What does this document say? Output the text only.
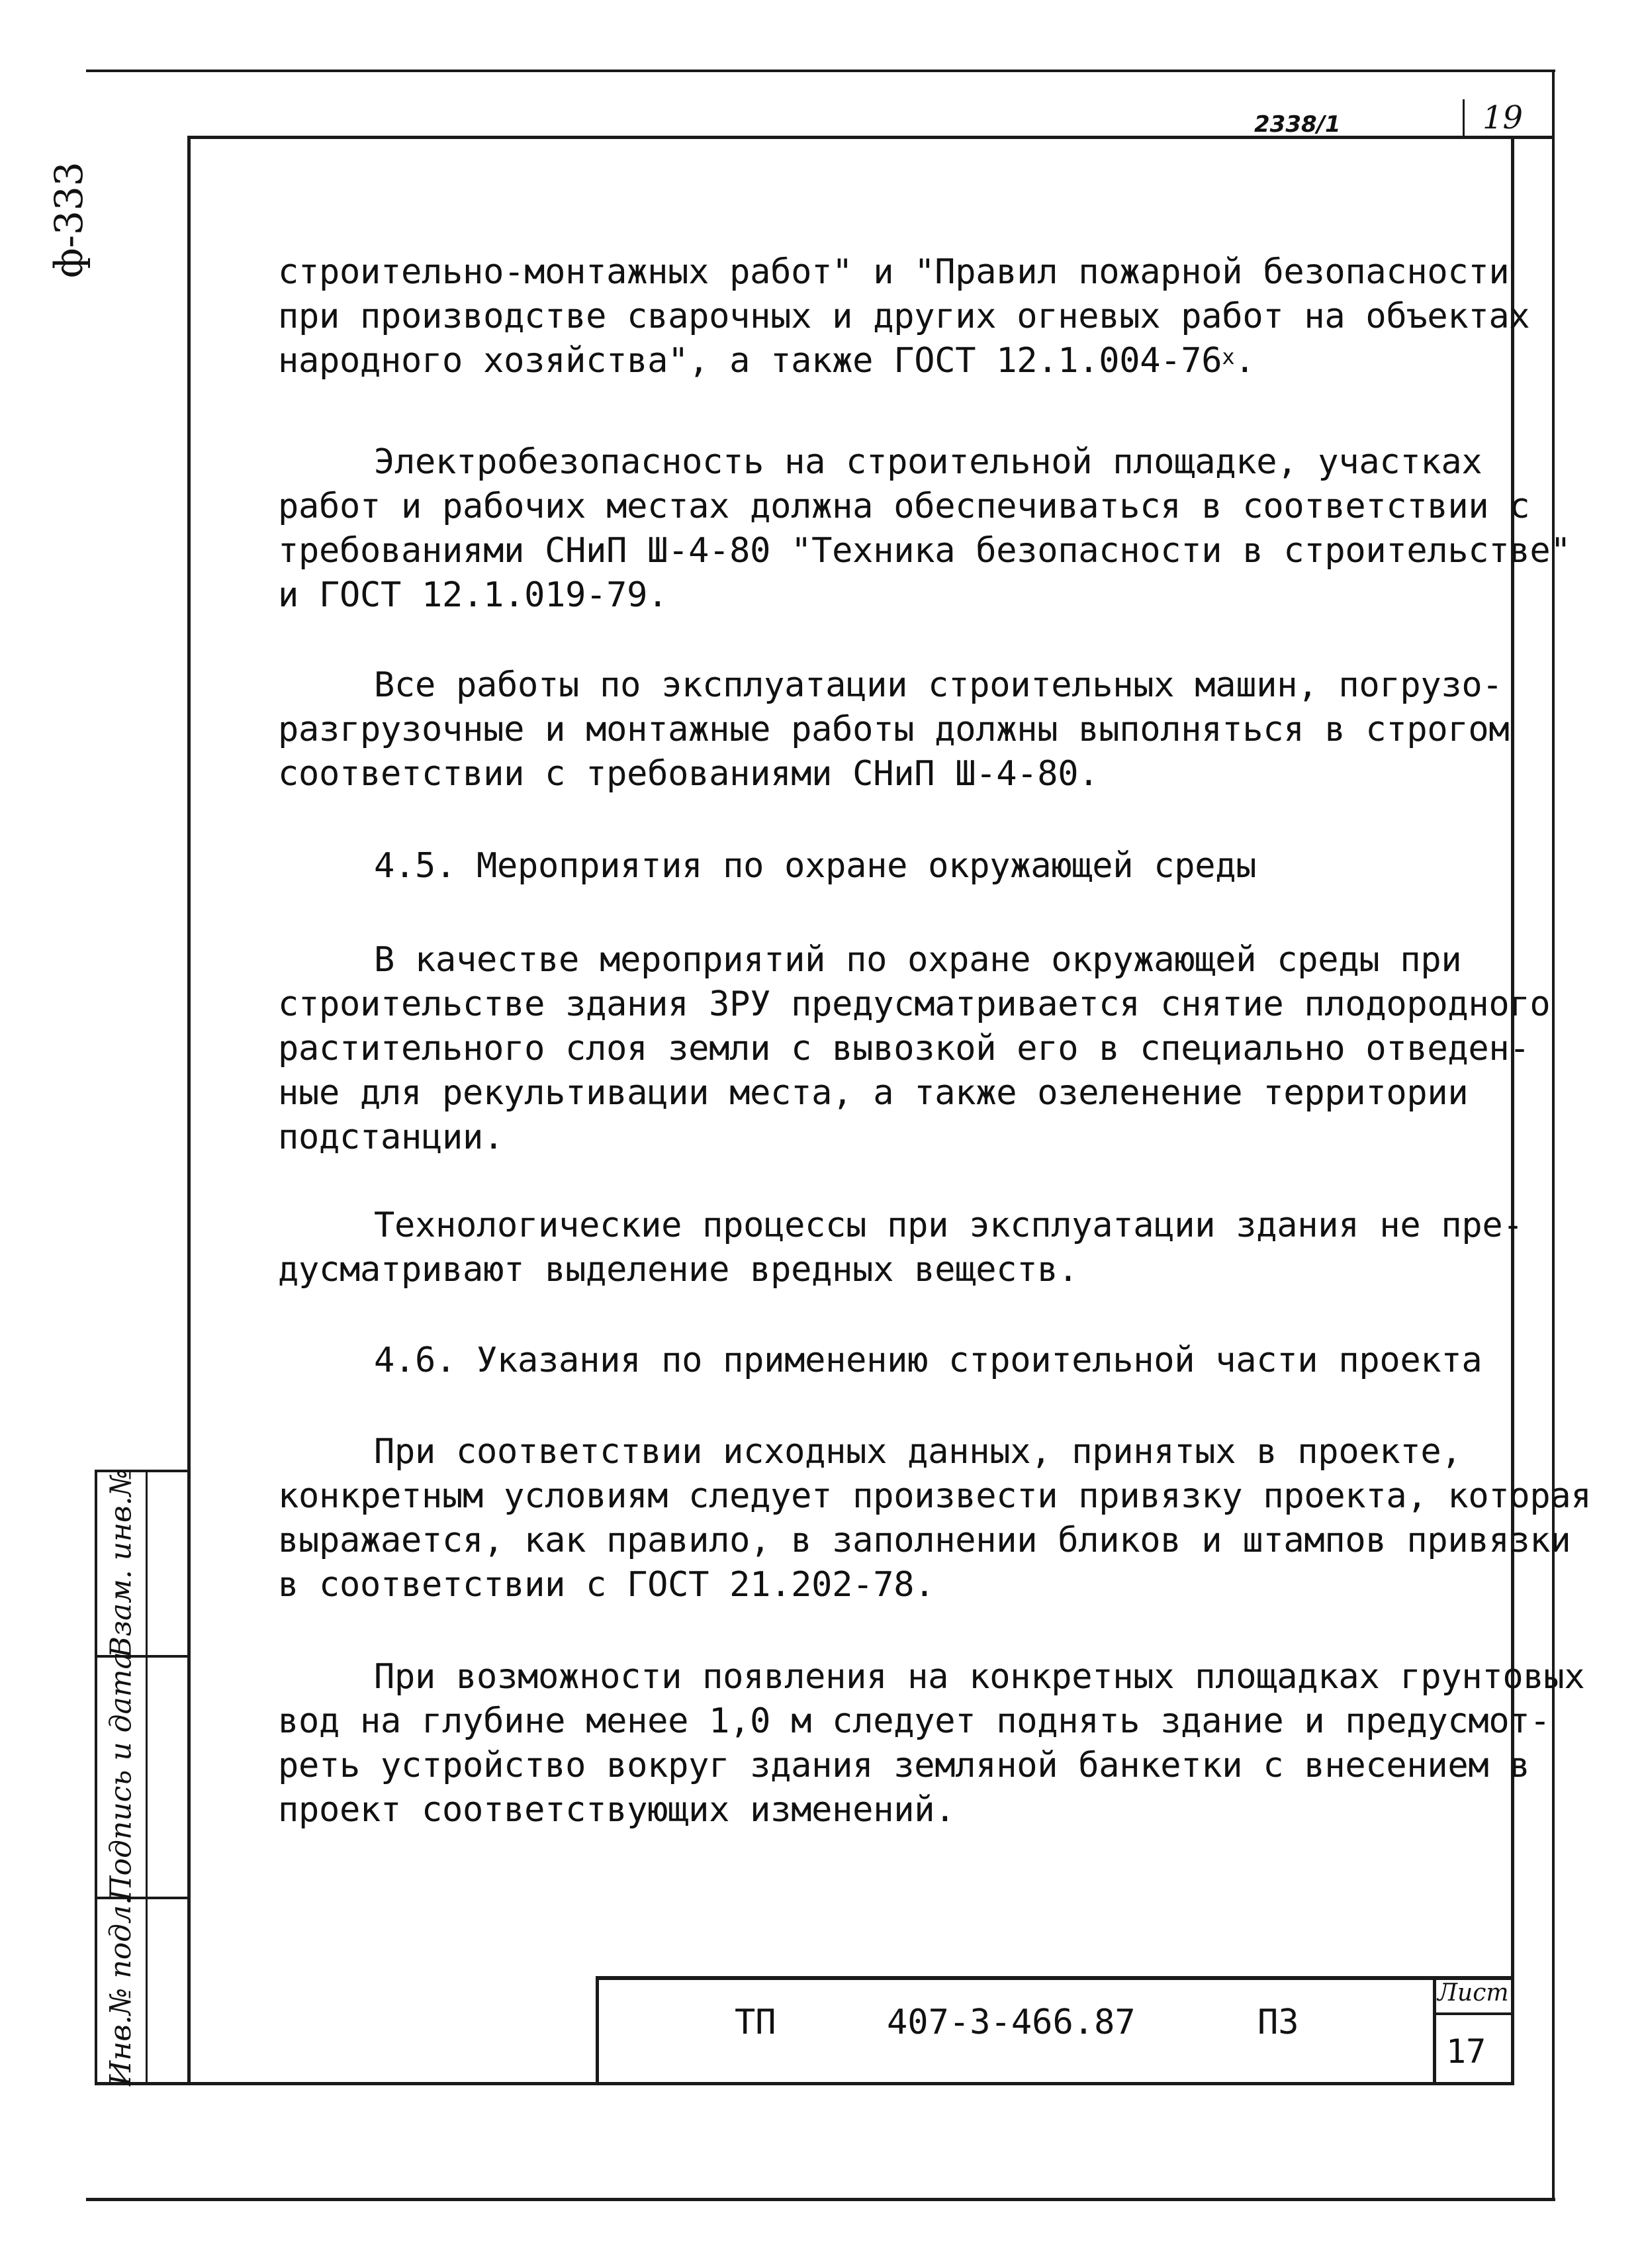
2338/1	19
ф-333	строительно-монтажных работ" и "Правил пожарной безопасности
при производстве сварочных и других огневых работ на объектах
народного хозяйства", а также ГОСТ $12.1.004-76^х$.
Электробезопасность на строительной площадке, участках
работ и рабочих местах должна обеспечиваться в соответствии с
требованиями СНиП Ш-4-80 "Техника безопасности в строительстве"
и ГОСТ 12.1.019-79.
Все работы по эксплуатации строительных машин, погрузо-
разгрузочные и монтажные работы должны выполняться в строгом
соответствии с требованиями СНиП Ш-4-80.
4.5. Мероприятия по охране окружающей среды
В качестве мероприятий по охране окружающей среды при
строительстве здания ЗРУ предусматривается снятие плодородного
растительного слоя земли с вывозкой его в специально отведен-
ные для рекультивации места, а также озеленение территории
подстанции.
Технологические процессы при эксплуатации здания не пре-
дусматривают выделение вредных веществ.
4.6. Указания по применению строительной части проекта
При соответствии исходных данных, принятых в проекте,
конкретным условиям следует произвести привязку проекта, которая
выражается, как правило, в заполнении бликов и штампов привязки
в соответствии с ГОСТ 21.202-78.
При возможности появления на конкретных площадках грунтовых
вод на глубине менее 1,0 м следует поднять здание и предусмот-
реть устройство вокруг здания земляной банкетки с внесением в
проект соответствующих изменений.
Взам. инв.№
Подпись и дата
Инв.№ подл.	ТП	407-3-466.87	ПЗ
Лист
17
